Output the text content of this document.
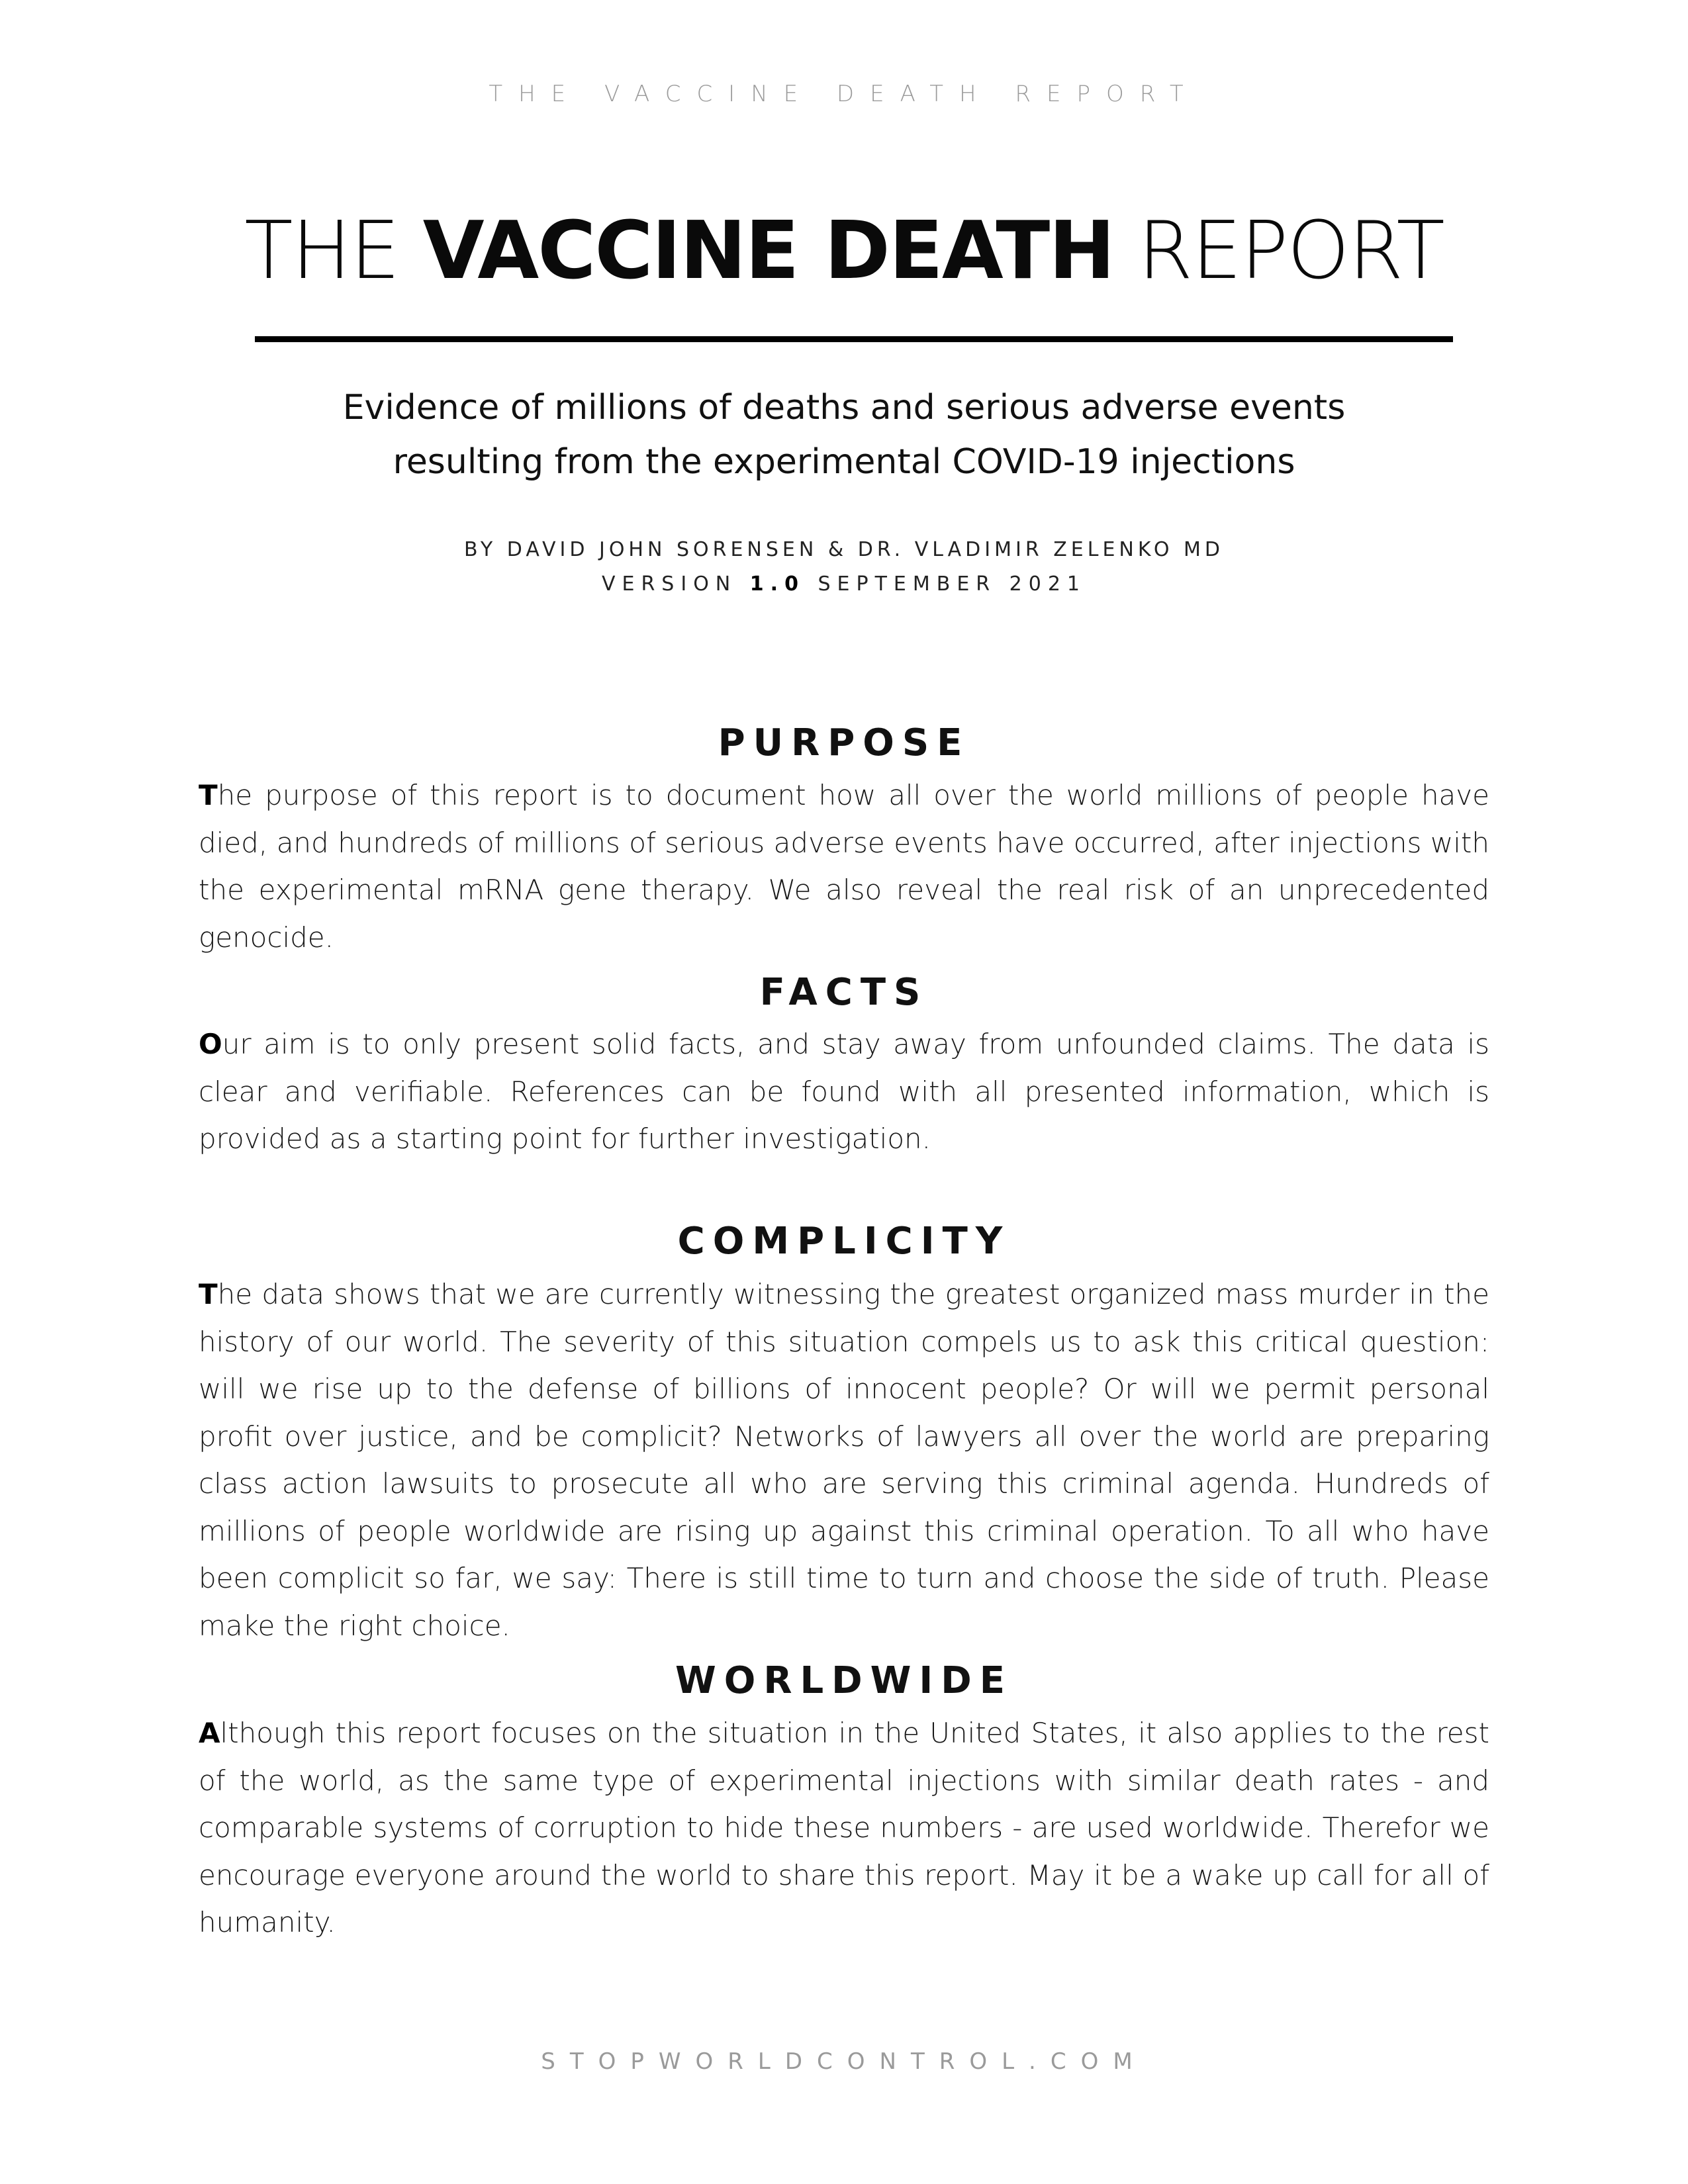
THE VACCINE DEATH REPORT
THE VACCINE DEATH REPORT
Evidence of millions of deaths and serious adverse events
resulting from the experimental COVID-19 injections
BY DAVID JOHN SORENSEN & DR. VLADIMIR ZELENKO MD
VERSION 1.0 SEPTEMBER 2021
PURPOSE
The purpose of this report is to document how all over the world millions of people have died, and hundreds of millions of serious adverse events have occurred, after injections with the experimental mRNA gene therapy. We also reveal the real risk of an unprecedented genocide.
FACTS
Our aim is to only present solid facts, and stay away from unfounded claims. The data is clear and verifiable. References can be found with all presented information, which is provided as a starting point for further investigation.
COMPLICITY
The data shows that we are currently witnessing the greatest organized mass murder in the history of our world. The severity of this situation compels us to ask this critical question: will we rise up to the defense of billions of innocent people? Or will we permit personal profit over justice, and be complicit? Networks of lawyers all over the world are preparing class action lawsuits to prosecute all who are serving this criminal agenda. Hundreds of millions of people worldwide are rising up against this criminal operation. To all who have been complicit so far, we say: There is still time to turn and choose the side of truth. Please make the right choice.
WORLDWIDE
Although this report focuses on the situation in the United States, it also applies to the rest of the world, as the same type of experimental injections with similar death rates - and comparable systems of corruption to hide these numbers - are used worldwide. Therefor we encourage everyone around the world to share this report. May it be a wake up call for all of humanity.
STOPWORLDCONTROL.COM
